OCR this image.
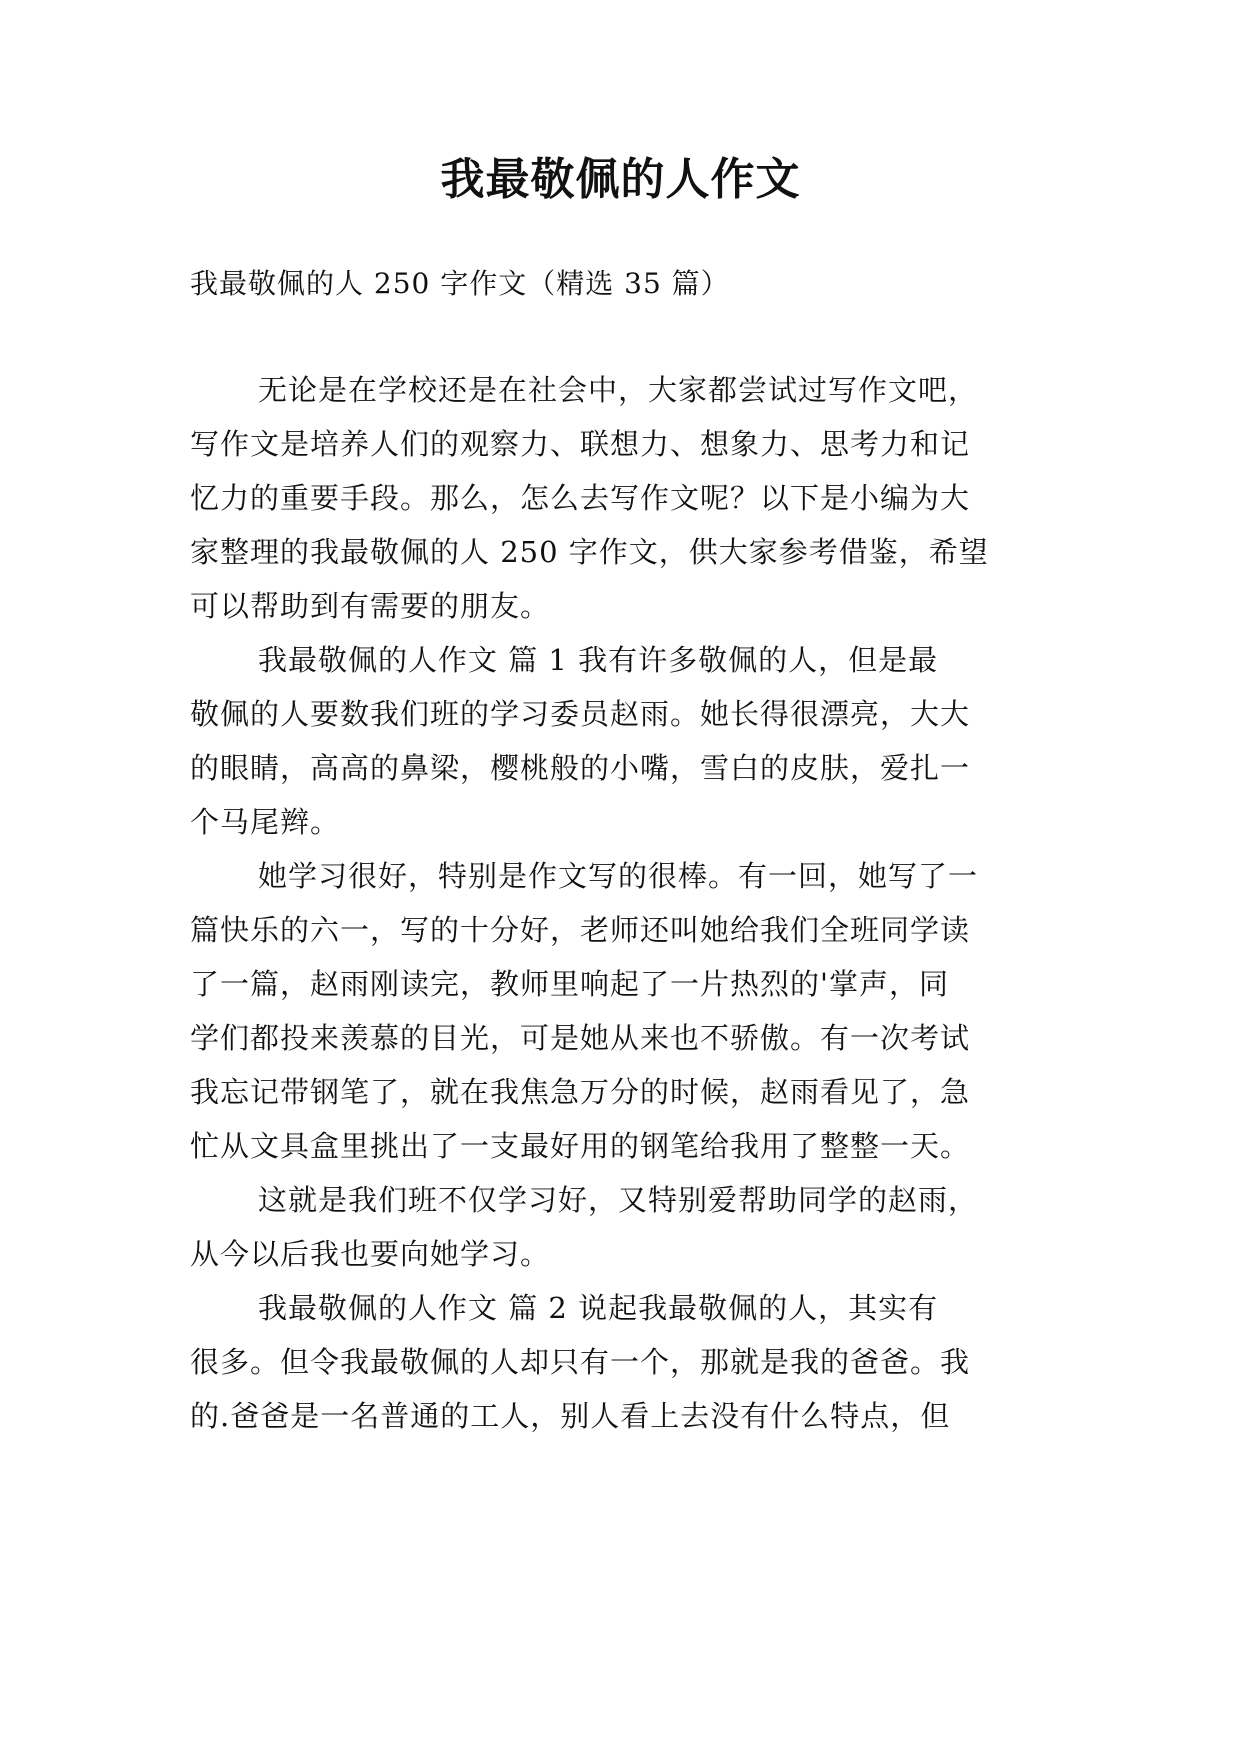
我最敬佩的人作文

我最敬佩的人 250 字作文（精选 35 篇）

无论是在学校还是在社会中，大家都尝试过写作文吧，

写作文是培养人们的观察力、联想力、想象力、思考力和记

忆力的重要手段。那么，怎么去写作文呢？以下是小编为大

家整理的我最敬佩的人 250 字作文，供大家参考借鉴，希望

可以帮助到有需要的朋友。

我最敬佩的人作文 篇 1 我有许多敬佩的人，但是最

敬佩的人要数我们班的学习委员赵雨。她长得很漂亮，大大

的眼睛，高高的鼻梁，樱桃般的小嘴，雪白的皮肤，爱扎一

个马尾辫。

她学习很好，特别是作文写的很棒。有一回，她写了一

篇快乐的六一，写的十分好，老师还叫她给我们全班同学读

了一篇，赵雨刚读完，教师里响起了一片热烈的'掌声，同

学们都投来羡慕的目光，可是她从来也不骄傲。有一次考试

我忘记带钢笔了，就在我焦急万分的时候，赵雨看见了，急

忙从文具盒里挑出了一支最好用的钢笔给我用了整整一天。

这就是我们班不仅学习好，又特别爱帮助同学的赵雨，

从今以后我也要向她学习。

我最敬佩的人作文 篇 2 说起我最敬佩的人，其实有

很多。但令我最敬佩的人却只有一个，那就是我的爸爸。我

的.爸爸是一名普通的工人，别人看上去没有什么特点，但
